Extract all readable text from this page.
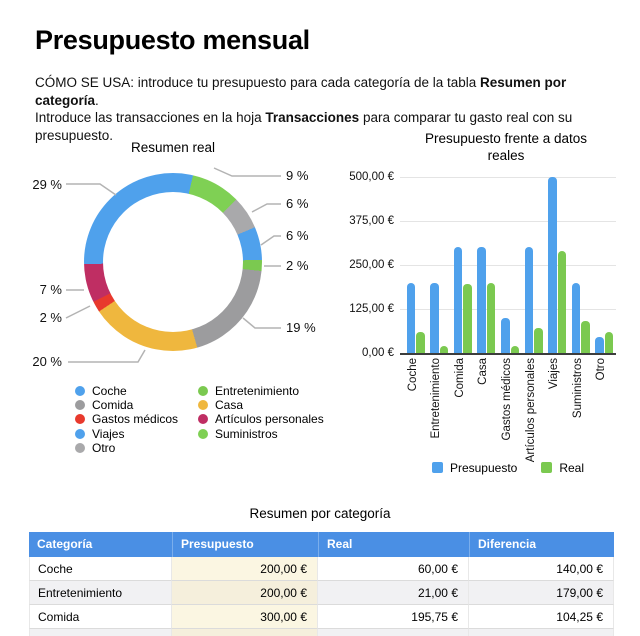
Presupuesto mensual
CÓMO SE USA: introduce tu presupuesto para cada categoría de la tabla Resumen por categoría.
Introduce las transacciones en la hoja Transacciones para comparar tu gasto real con su
presupuesto.
Resumen real
29 %
7 %
2 %
20 %
9 %
6 %
6 %
2 %
19 %
Coche
Comida
Gastos médicos
Viajes
Otro
Entretenimiento
Casa
Artículos personales
Suministros
Presupuesto frente a datos
reales
0,00 €
125,00 €
250,00 €
375,00 €
500,00 €
Coche Entretenimiento Comida Casa Gastos médicos Artículos personales Viajes Suministros Otro
Presupuesto	Real
Resumen por categoría
Categoría	Presupuesto	Real	Diferencia
Coche	200,00 €	60,00 €	140,00 €
Entretenimiento	200,00 €	21,00 €	179,00 €
Comida	300,00 €	195,75 €	104,25 €
